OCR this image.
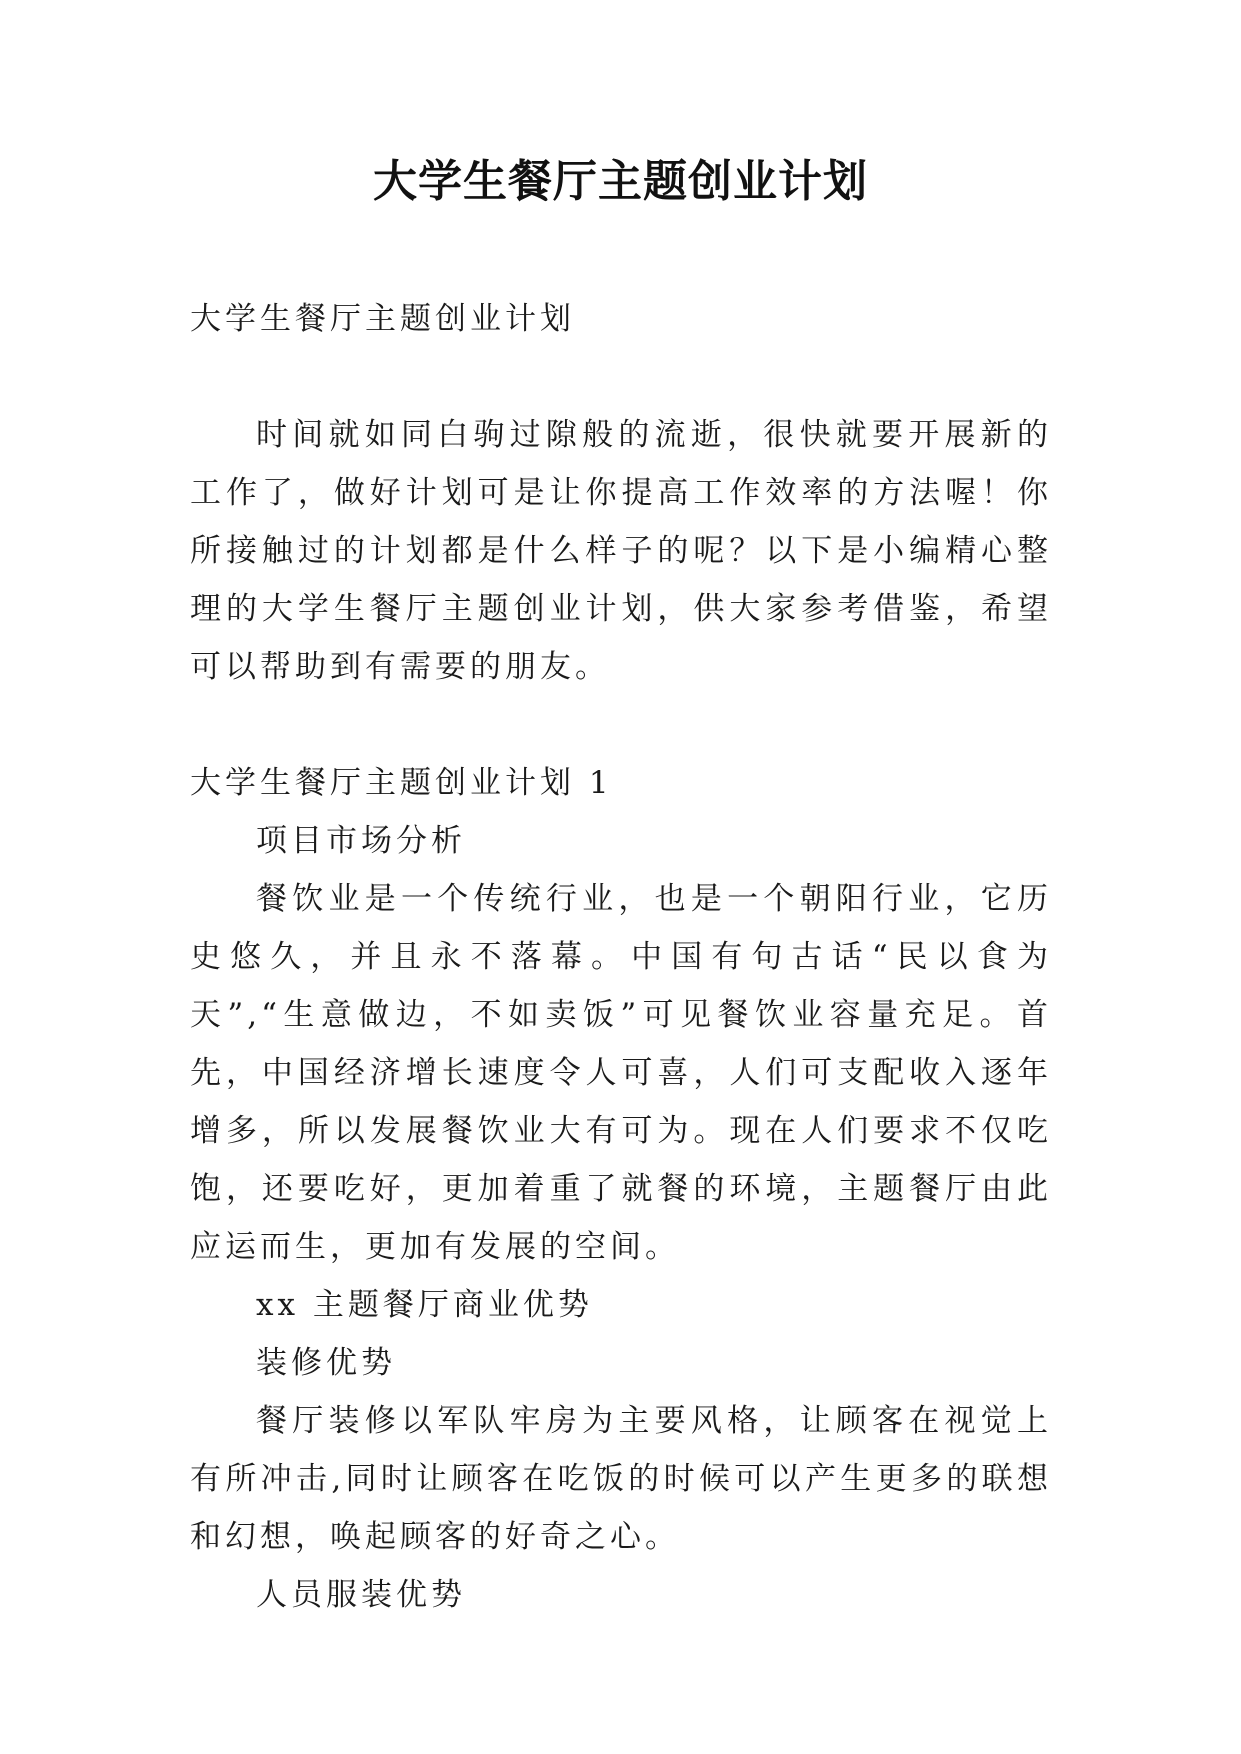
大学生餐厅主题创业计划

大学生餐厅主题创业计划

时间就如同白驹过隙般的流逝，很快就要开展新的工作了，做好计划可是让你提高工作效率的方法喔！你所接触过的计划都是什么样子的呢？以下是小编精心整理的大学生餐厅主题创业计划，供大家参考借鉴，希望可以帮助到有需要的朋友。

大学生餐厅主题创业计划 1

项目市场分析

餐饮业是一个传统行业，也是一个朝阳行业，它历史悠久，并且永不落幕。中国有句古话“民以食为天”,“生意做边，不如卖饭”可见餐饮业容量充足。首先，中国经济增长速度令人可喜，人们可支配收入逐年增多，所以发展餐饮业大有可为。现在人们要求不仅吃饱，还要吃好，更加着重了就餐的环境，主题餐厅由此应运而生，更加有发展的空间。

xx 主题餐厅商业优势

装修优势

餐厅装修以军队牢房为主要风格，让顾客在视觉上有所冲击,同时让顾客在吃饭的时候可以产生更多的联想和幻想，唤起顾客的好奇之心。

人员服装优势
